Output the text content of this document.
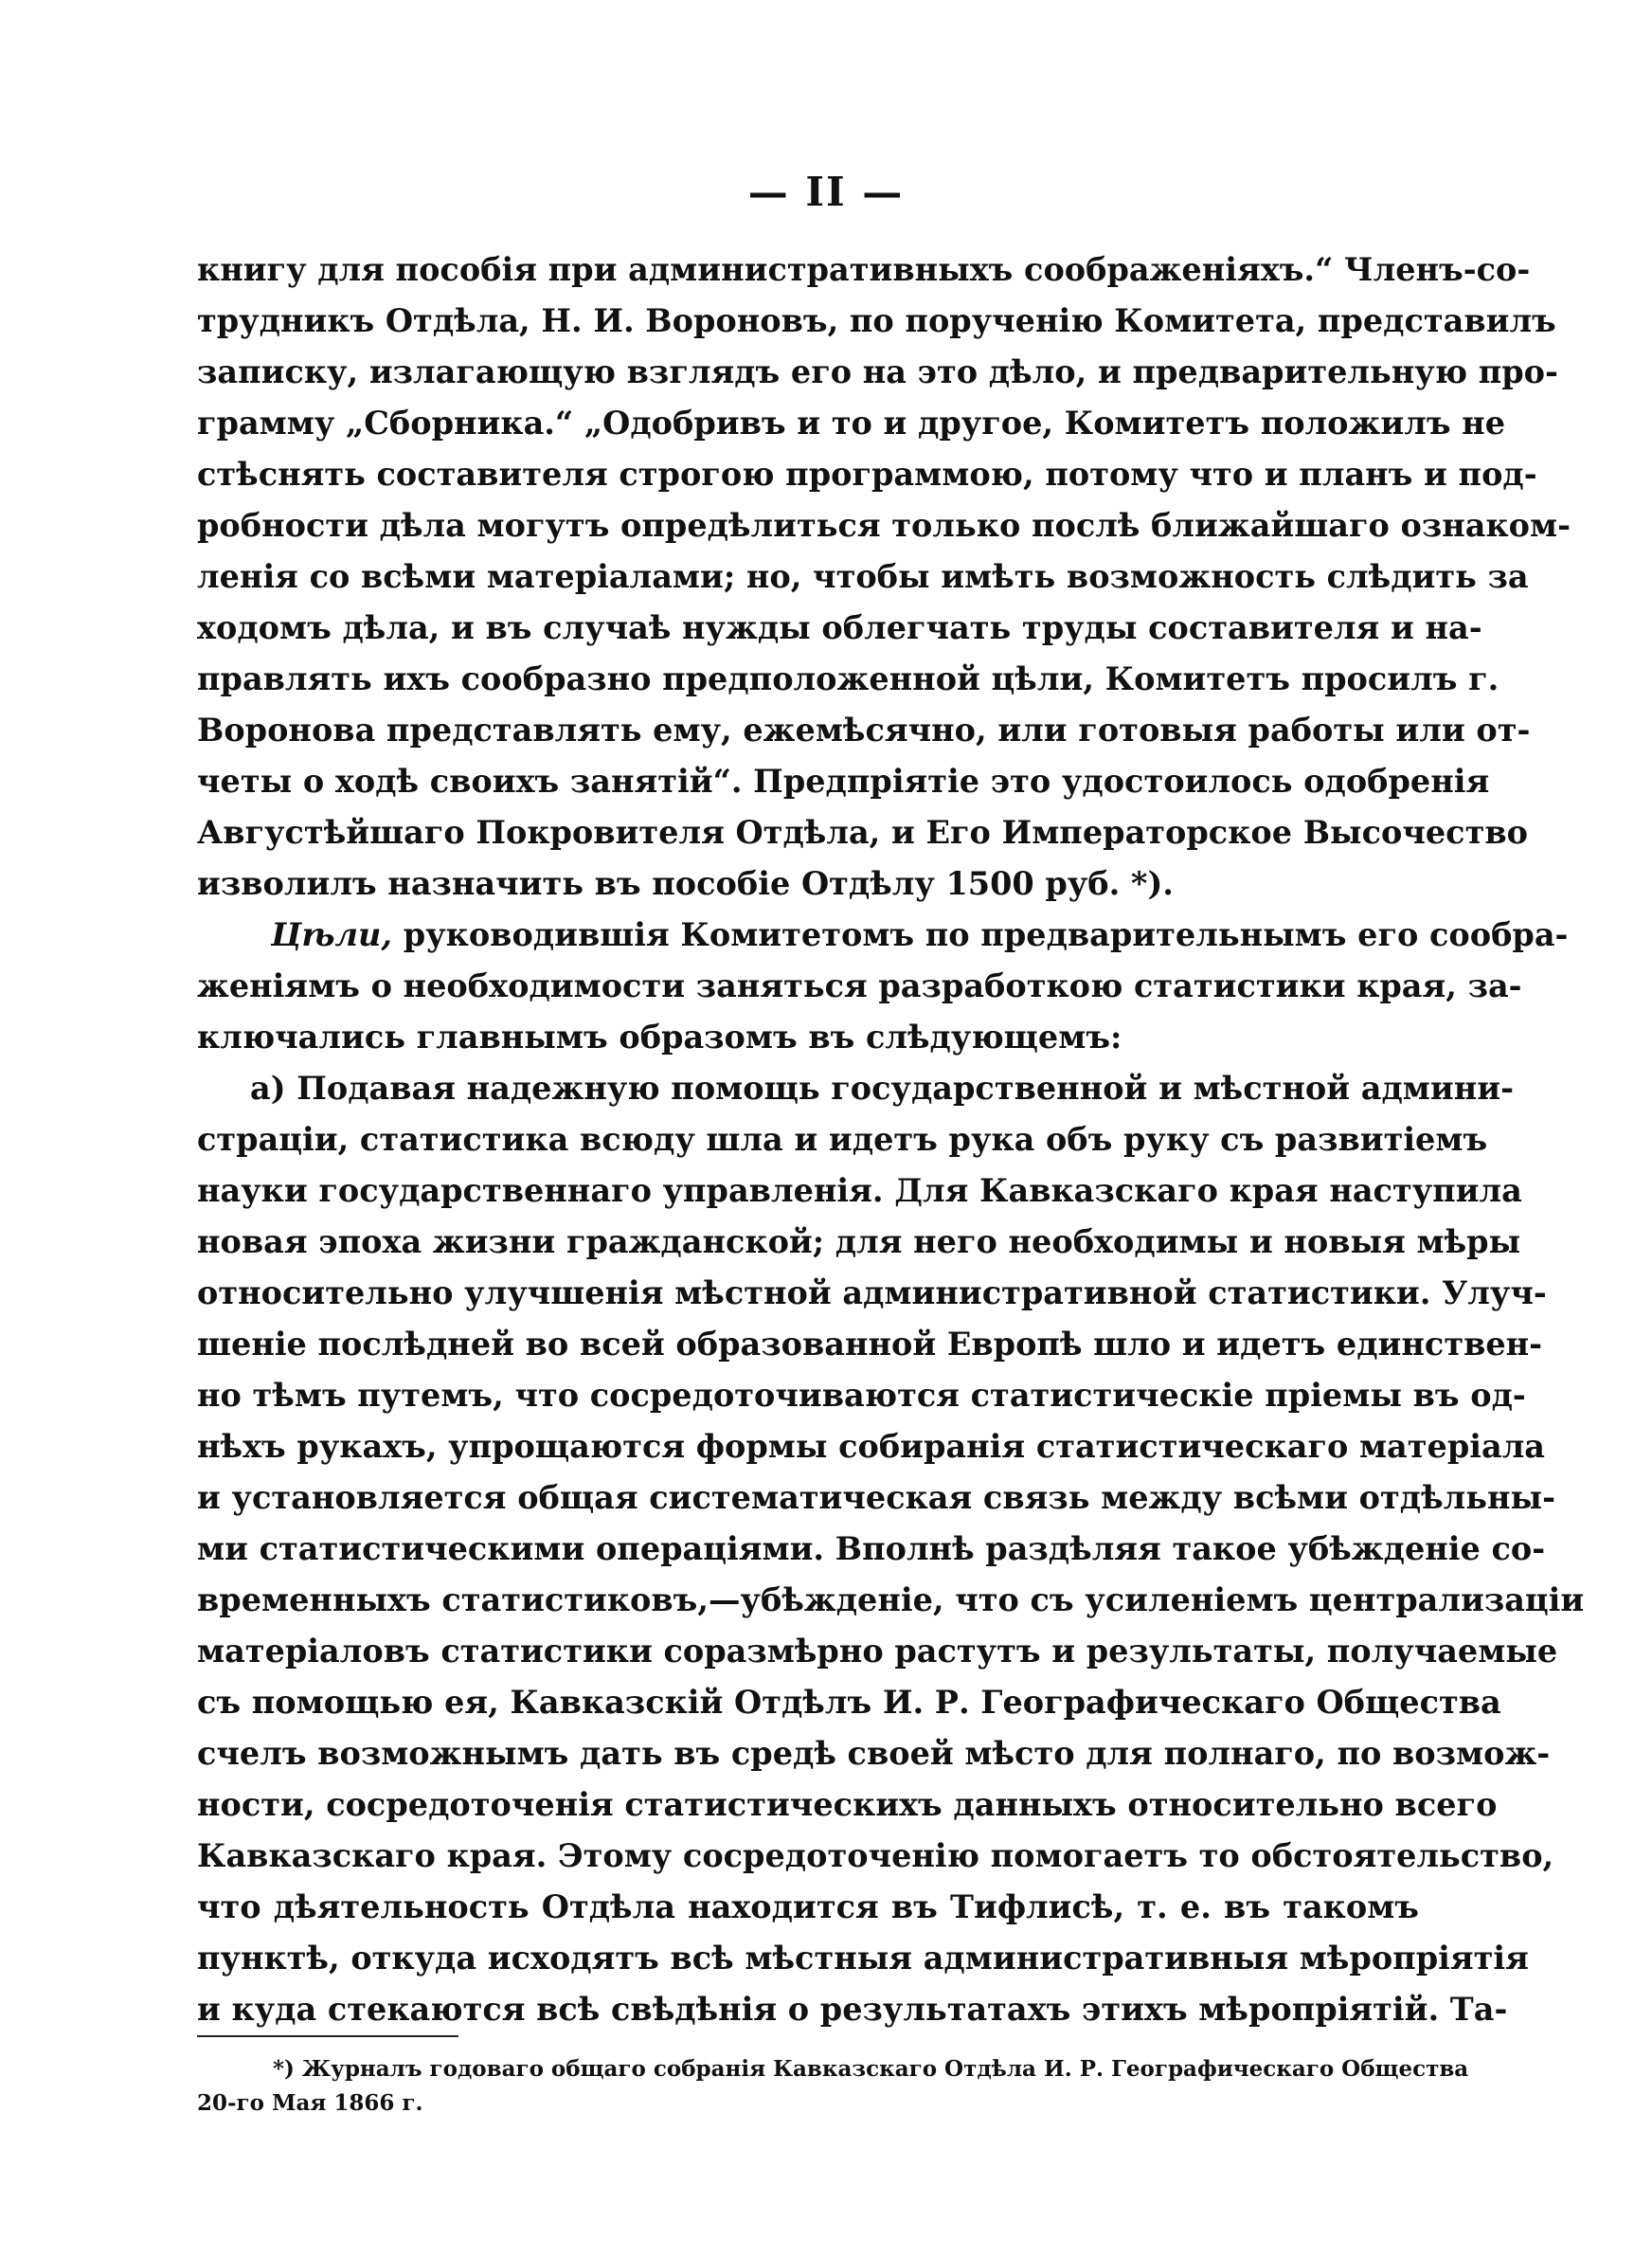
— II —
книгу для пособія при административныхъ соображеніяхъ.“ Членъ-со-
трудникъ Отдѣла, Н. И. Вороновъ, по порученію Комитета, представилъ
записку, излагающую взглядъ его на это дѣло, и предварительную про-
грамму „Сборника.“ „Одобривъ и то и другое, Комитетъ положилъ не
стѣснять составителя строгою программою, потому что и планъ и под-
робности дѣла могутъ опредѣлиться только послѣ ближайшаго ознаком-
ленія со всѣми матеріалами; но, чтобы имѣть возможность слѣдить за
ходомъ дѣла, и въ случаѣ нужды облегчать труды составителя и на-
правлять ихъ сообразно предположенной цѣли, Комитетъ просилъ г.
Воронова представлять ему, ежемѣсячно, или готовыя работы или от-
четы о ходѣ своихъ занятій“. Предпріятіе это удостоилось одобренія
Августѣйшаго Покровителя Отдѣла, и Его Императорское Высочество
изволилъ назначить въ пособіе Отдѣлу 1500 руб. *).
Цѣли, руководившія Комитетомъ по предварительнымъ его сообра-
женіямъ о необходимости заняться разработкою статистики края, за-
ключались главнымъ образомъ въ слѣдующемъ:
а) Подавая надежную помощь государственной и мѣстной админи-
страціи, статистика всюду шла и идетъ рука объ руку съ развитіемъ
науки государственнаго управленія. Для Кавказскаго края наступила
новая эпоха жизни гражданской; для него необходимы и новыя мѣры
относительно улучшенія мѣстной административной статистики. Улуч-
шеніе послѣдней во всей образованной Европѣ шло и идетъ единствен-
но тѣмъ путемъ, что сосредоточиваются статистическіе пріемы въ од-
нѣхъ рукахъ, упрощаются формы собиранія статистическаго матеріала
и установляется общая систематическая связь между всѣми отдѣльны-
ми статистическими операціями. Вполнѣ раздѣляя такое убѣжденіе со-
временныхъ статистиковъ,—убѣжденіе, что съ усиленіемъ централизаціи
матеріаловъ статистики соразмѣрно растутъ и результаты, получаемые
съ помощью ея, Кавказскій Отдѣлъ И. Р. Географическаго Общества
счелъ возможнымъ дать въ средѣ своей мѣсто для полнаго, по возмож-
ности, сосредоточенія статистическихъ данныхъ относительно всего
Кавказскаго края. Этому сосредоточенію помогаетъ то обстоятельство,
что дѣятельность Отдѣла находится въ Тифлисѣ, т. е. въ такомъ
пунктѣ, откуда исходятъ всѣ мѣстныя административныя мѣропріятія
и куда стекаются всѣ свѣдѣнія о результатахъ этихъ мѣропріятій. Та-
*) Журналъ годоваго общаго собранія Кавказскаго Отдѣла И. Р. Географическаго Общества
20-го Мая 1866 г.
